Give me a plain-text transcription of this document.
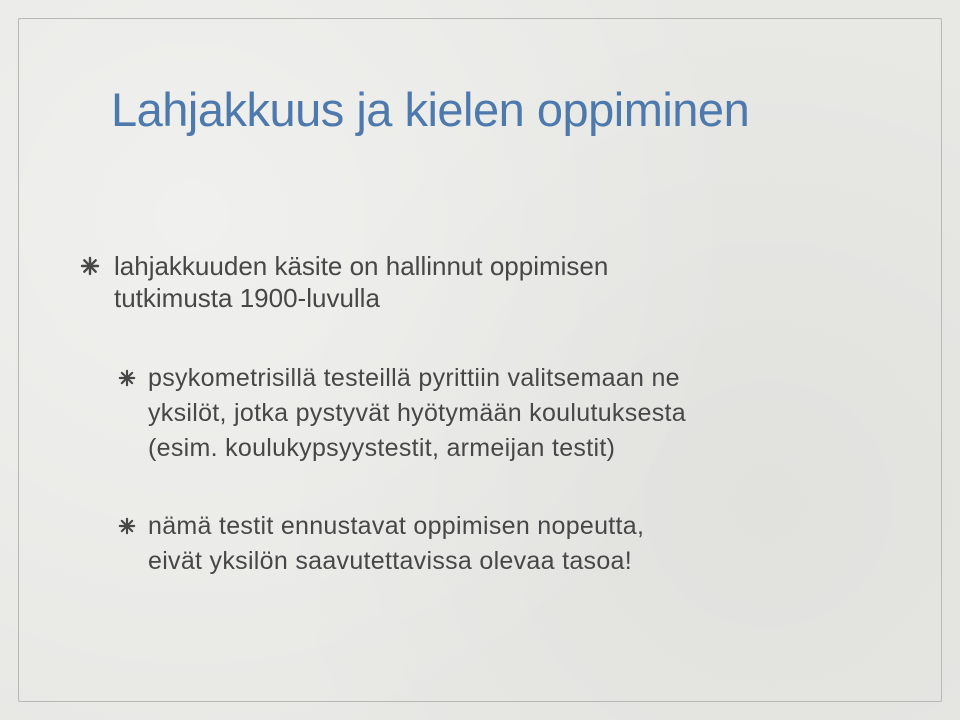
Lahjakkuus ja kielen oppiminen
lahjakkuuden käsite on hallinnut oppimisen
tutkimusta 1900-luvulla
psykometrisillä testeillä pyrittiin valitsemaan ne
yksilöt, jotka pystyvät hyötymään koulutuksesta
(esim. koulukypsyystestit, armeijan testit)
nämä testit ennustavat oppimisen nopeutta,
eivät yksilön saavutettavissa olevaa tasoa!
